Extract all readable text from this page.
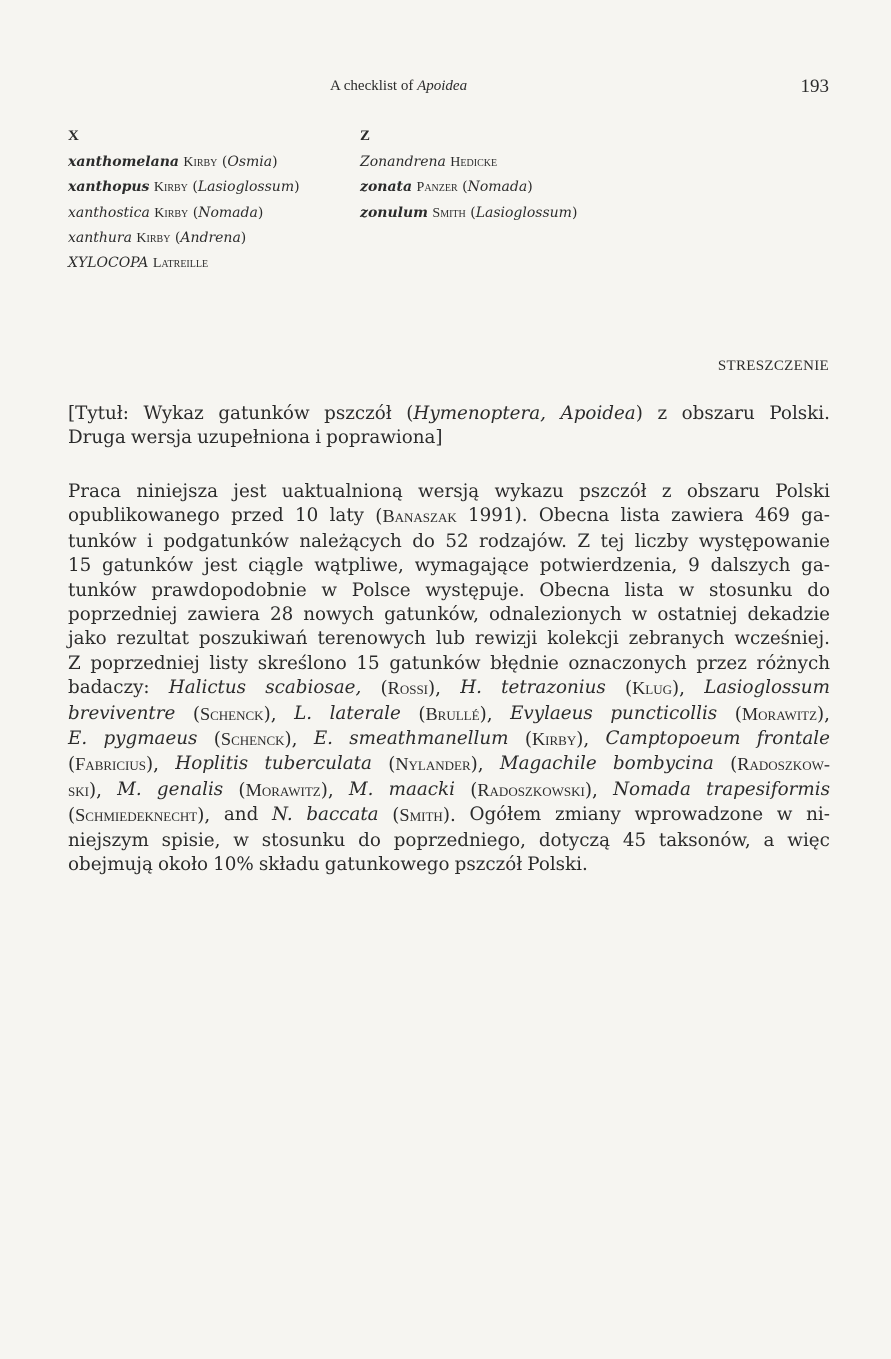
A checklist of Apoidea	193
X
xanthomelana Kirby (Osmia)
xanthopus Kirby (Lasioglossum)
xanthostica Kirby (Nomada)
xanthura Kirby (Andrena)
XYLOCOPA Latreille
Z
Zonandrena Hedicke
zonata Panzer (Nomada)
zonulum Smith (Lasioglossum)
STRESZCZENIE
[Tytuł: Wykaz gatunków pszczół (Hymenoptera, Apoidea) z obszaru Polski.
Druga wersja uzupełniona i poprawiona]
Praca niniejsza jest uaktualnioną wersją wykazu pszczół z obszaru Polski
opublikowanego przed 10 laty (Banaszak 1991). Obecna lista zawiera 469 ga-
tunków i podgatunków należących do 52 rodzajów. Z tej liczby występowanie
15 gatunków jest ciągle wątpliwe, wymagające potwierdzenia, 9 dalszych ga-
tunków prawdopodobnie w Polsce występuje. Obecna lista w stosunku do
poprzedniej zawiera 28 nowych gatunków, odnalezionych w ostatniej dekadzie
jako rezultat poszukiwań terenowych lub rewizji kolekcji zebranych wcześniej.
Z poprzedniej listy skreślono 15 gatunków błędnie oznaczonych przez różnych
badaczy: Halictus scabiosae, (Rossi), H. tetrazonius (Klug), Lasioglossum
breviventre (Schenck), L. laterale (Brullé), Evylaeus puncticollis (Morawitz),
E. pygmaeus (Schenck), E. smeathmanellum (Kirby), Camptopoeum frontale
(Fabricius), Hoplitis tuberculata (Nylander), Magachile bombycina (Radoszkow-
ski), M. genalis (Morawitz), M. maacki (Radoszkowski), Nomada trapesiformis
(Schmiedeknecht), and N. baccata (Smith). Ogółem zmiany wprowadzone w ni-
niejszym spisie, w stosunku do poprzedniego, dotyczą 45 taksonów, a więc
obejmują około 10% składu gatunkowego pszczół Polski.
